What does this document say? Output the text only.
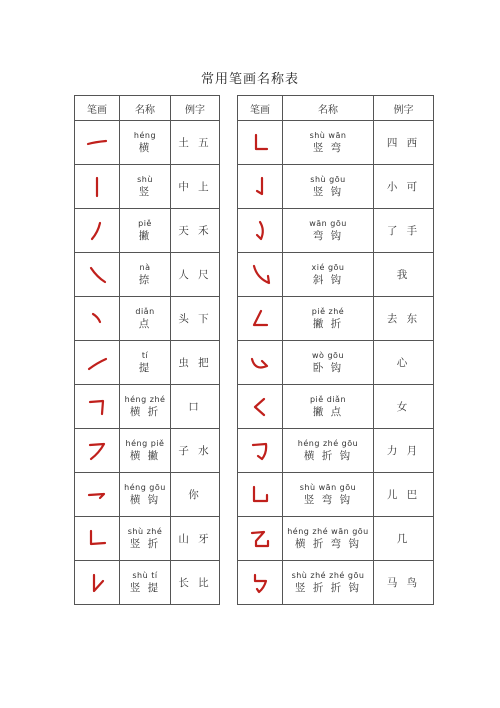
常用笔画名称表
笔画	名称	例字

héng
横	土 五

shù
竖	中 上

piě
撇	天 禾

nà
捺	人 尺

diǎn
点	头 下

tí
提	虫 把

héng zhé
横 折	口

héng piě
横 撇	子 水

héng gōu
横 钩	你

shù zhé
竖 折	山 牙

shù tí
竖 提	长 比
笔画	名称	例字

shù wān
竖 弯	四 西

shù gōu
竖 钩	小 可

wān gōu
弯 钩	了 手

xié gōu
斜 钩	我

piě zhé
撇 折	去 东

wò gōu
卧 钩	心

piě diǎn
撇 点	女

héng zhé gōu
横 折 钩	力 月

shù wān gōu
竖 弯 钩	儿 巴

héng zhé wān gōu
横 折 弯 钩	几

shù zhé zhé gōu
竖 折 折 钩	马 鸟
